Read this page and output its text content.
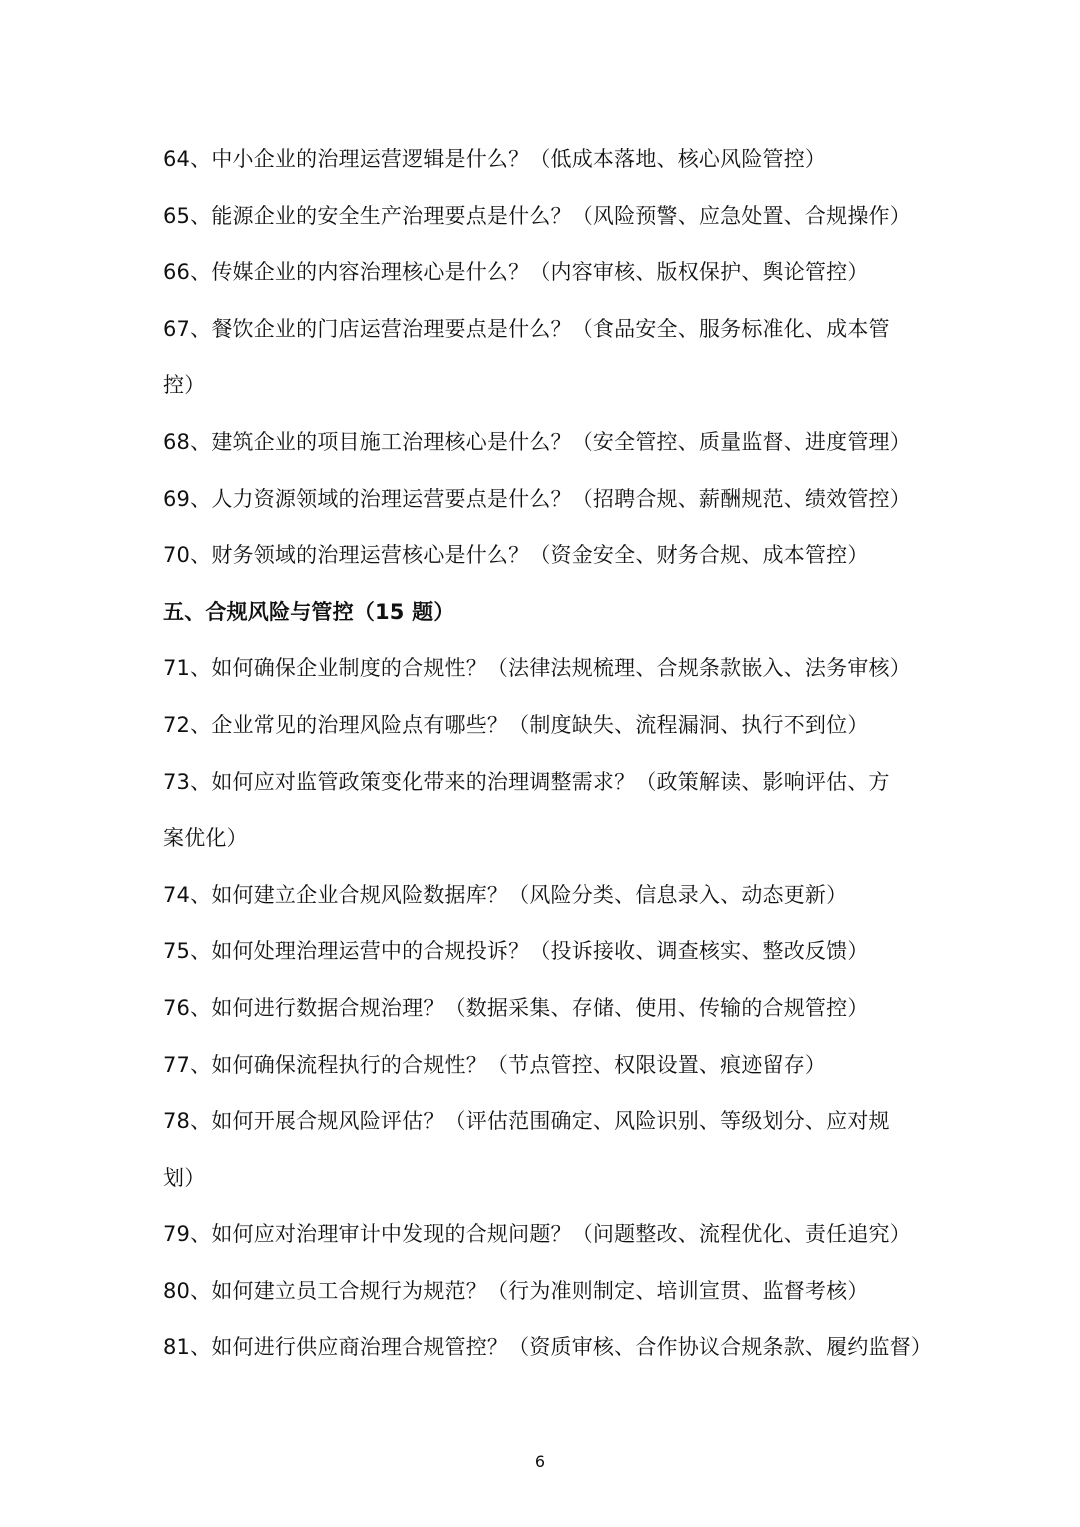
64、中小企业的治理运营逻辑是什么？（低成本落地、核心风险管控）
65、能源企业的安全生产治理要点是什么？（风险预警、应急处置、合规操作）
66、传媒企业的内容治理核心是什么？（内容审核、版权保护、舆论管控）
67、餐饮企业的门店运营治理要点是什么？（食品安全、服务标准化、成本管
控）
68、建筑企业的项目施工治理核心是什么？（安全管控、质量监督、进度管理）
69、人力资源领域的治理运营要点是什么？（招聘合规、薪酬规范、绩效管控）
70、财务领域的治理运营核心是什么？（资金安全、财务合规、成本管控）
五、合规风险与管控（15 题）
71、如何确保企业制度的合规性？（法律法规梳理、合规条款嵌入、法务审核）
72、企业常见的治理风险点有哪些？（制度缺失、流程漏洞、执行不到位）
73、如何应对监管政策变化带来的治理调整需求？（政策解读、影响评估、方
案优化）
74、如何建立企业合规风险数据库？（风险分类、信息录入、动态更新）
75、如何处理治理运营中的合规投诉？（投诉接收、调查核实、整改反馈）
76、如何进行数据合规治理？（数据采集、存储、使用、传输的合规管控）
77、如何确保流程执行的合规性？（节点管控、权限设置、痕迹留存）
78、如何开展合规风险评估？（评估范围确定、风险识别、等级划分、应对规
划）
79、如何应对治理审计中发现的合规问题？（问题整改、流程优化、责任追究）
80、如何建立员工合规行为规范？（行为准则制定、培训宣贯、监督考核）
81、如何进行供应商治理合规管控？（资质审核、合作协议合规条款、履约监督）
6
